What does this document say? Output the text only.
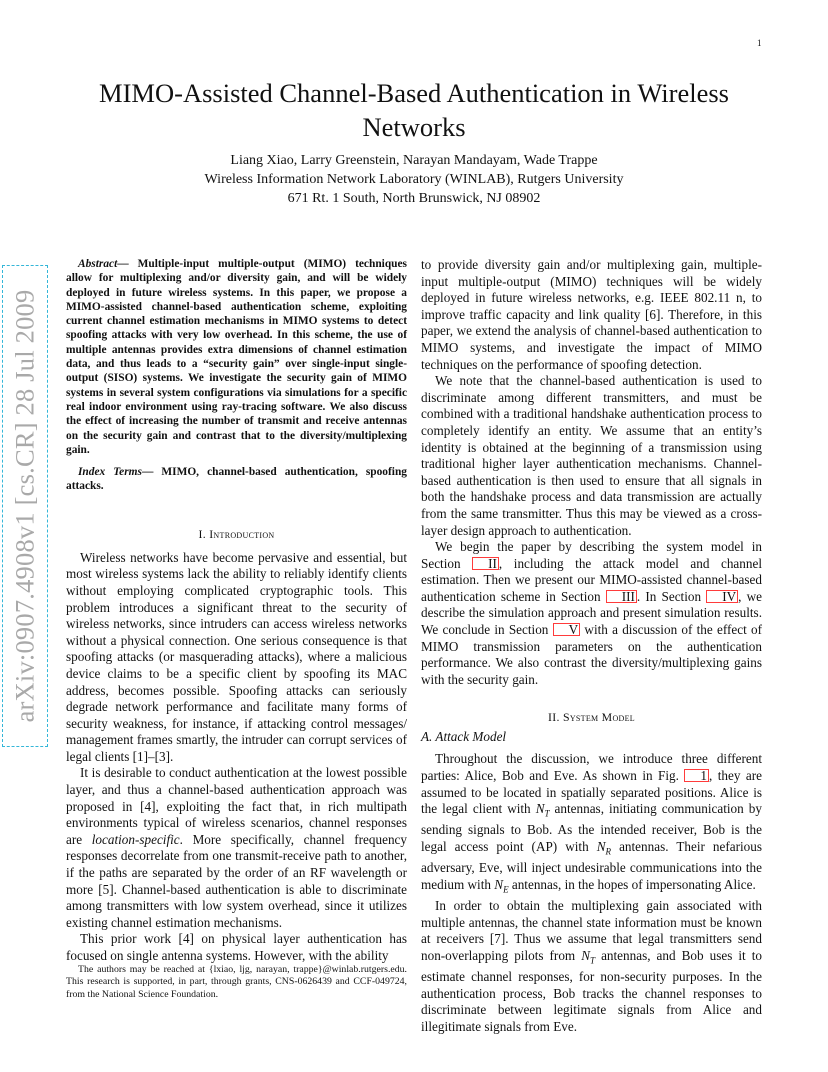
1
arXiv:0907.4908v1 [cs.CR] 28 Jul 2009
MIMO-Assisted Channel-Based Authentication in Wireless Networks
Liang Xiao, Larry Greenstein, Narayan Mandayam, Wade Trappe
Wireless Information Network Laboratory (WINLAB), Rutgers University
671 Rt. 1 South, North Brunswick, NJ 08902

Abstract— Multiple-input multiple-output (MIMO) techniques allow for multiplexing and/or diversity gain, and will be widely deployed in future wireless systems. In this paper, we propose a MIMO-assisted channel-based authentication scheme, exploiting current channel estimation mechanisms in MIMO systems to detect spoofing attacks with very low overhead. In this scheme, the use of multiple antennas provides extra dimensions of channel estimation data, and thus leads to a “security gain” over single-input single-output (SISO) systems. We investigate the security gain of MIMO systems in several system configurations via simulations for a specific real indoor environment using ray-tracing software. We also discuss the effect of increasing the number of transmit and receive antennas on the security gain and contrast that to the diversity/multiplexing gain.

Index Terms— MIMO, channel-based authentication, spoofing attacks.

I. Introduction

Wireless networks have become pervasive and essential, but most wireless systems lack the ability to reliably identify clients without employing complicated cryptographic tools. This problem introduces a significant threat to the security of wireless networks, since intruders can access wireless networks without a physical connection. One serious consequence is that spoofing attacks (or masquerading attacks), where a malicious device claims to be a specific client by spoofing its MAC address, becomes possible. Spoofing attacks can seriously degrade network performance and facilitate many forms of security weakness, for instance, if attacking control messages/ management frames smartly, the intruder can corrupt services of legal clients [1]–[3].

It is desirable to conduct authentication at the lowest possible layer, and thus a channel-based authentication approach was proposed in [4], exploiting the fact that, in rich multipath environments typical of wireless scenarios, channel responses are location-specific. More specifically, channel frequency responses decorrelate from one transmit-receive path to another, if the paths are separated by the order of an RF wavelength or more [5]. Channel-based authentication is able to discriminate among transmitters with low system overhead, since it utilizes existing channel estimation mechanisms.

This prior work [4] on physical layer authentication has focused on single antenna systems. However, with the ability

The authors may be reached at {lxiao, ljg, narayan, trappe}@winlab.rutgers.edu. This research is supported, in part, through grants, CNS-0626439 and CCF-049724, from the National Science Foundation.

to provide diversity gain and/or multiplexing gain, multiple-input multiple-output (MIMO) techniques will be widely deployed in future wireless networks, e.g. IEEE 802.11 n, to improve traffic capacity and link quality [6]. Therefore, in this paper, we extend the analysis of channel-based authentication to MIMO systems, and investigate the impact of MIMO techniques on the performance of spoofing detection.

We note that the channel-based authentication is used to discriminate among different transmitters, and must be combined with a traditional handshake authentication process to completely identify an entity. We assume that an entity’s identity is obtained at the beginning of a transmission using traditional higher layer authentication mechanisms. Channel-based authentication is then used to ensure that all signals in both the handshake process and data transmission are actually from the same transmitter. Thus this may be viewed as a cross-layer design approach to authentication.

We begin the paper by describing the system model in Section II , including the attack model and channel estimation. Then we present our MIMO-assisted channel-based authentication scheme in Section III . In Section IV , we describe the simulation approach and present simulation results. We conclude in Section V with a discussion of the effect of MIMO transmission parameters on the authentication performance. We also contrast the diversity/multiplexing gains with the security gain.

II. System Model
A. Attack Model

Throughout the discussion, we introduce three different parties: Alice, Bob and Eve. As shown in Fig. 1 , they are assumed to be located in spatially separated positions. Alice is the legal client with $N_T$ antennas, initiating communication by sending signals to Bob. As the intended receiver, Bob is the legal access point (AP) with $N_R$ antennas. Their nefarious adversary, Eve, will inject undesirable communications into the medium with $N_E$ antennas, in the hopes of impersonating Alice.

In order to obtain the multiplexing gain associated with multiple antennas, the channel state information must be known at receivers [7]. Thus we assume that legal transmitters send non-overlapping pilots from $N_T$ antennas, and Bob uses it to estimate channel responses, for non-security purposes. In the authentication process, Bob tracks the channel responses to discriminate between legitimate signals from Alice and illegitimate signals from Eve.
